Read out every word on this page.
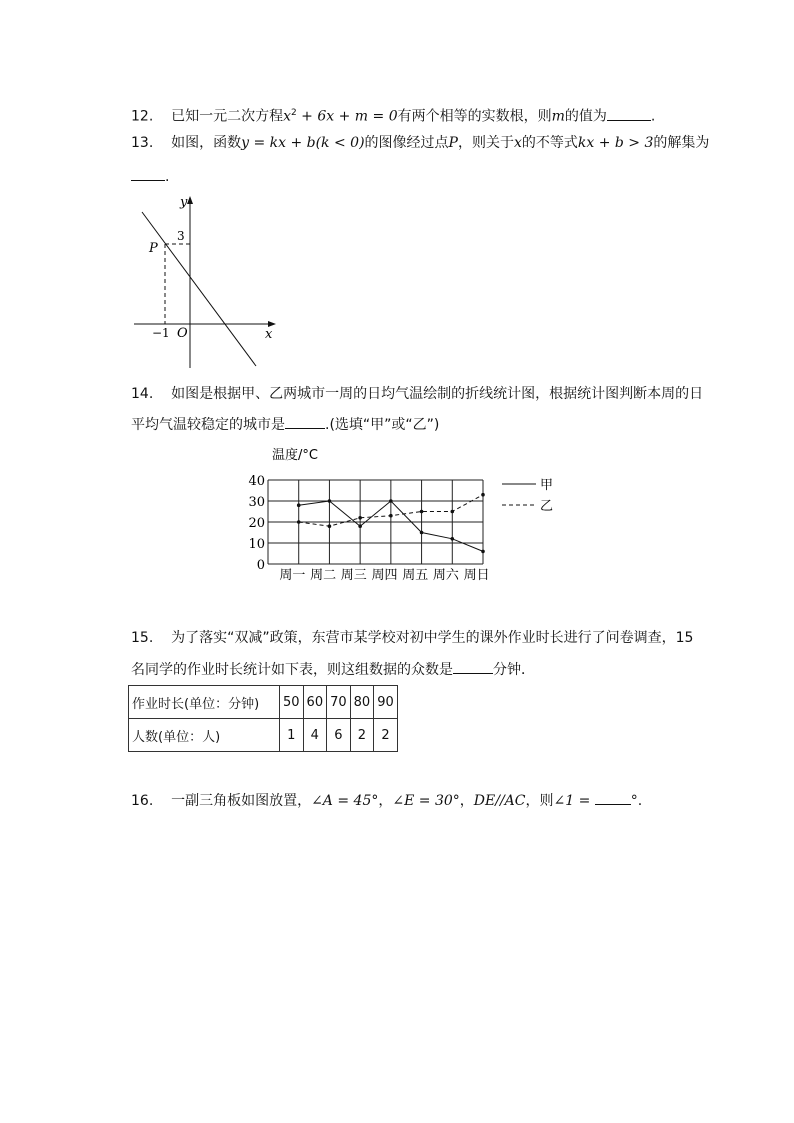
12. 已知一元二次方程$x^2 + 6x + m = 0$有两个相等的实数根，则m的值为	.
13. 如图，函数y = kx + b(k < 0)的图像经过点P，则关于x的不等式kx + b > 3的解集为
.
y
x
O
P
3
−1
14. 如图是根据甲、乙两城市一周的日均气温绘制的折线统计图，根据统计图判断本周的日
平均气温较稳定的城市是	.(选填“甲”或“乙”)
温度/°C
0
10
20
30
40
周一 周二 周三 周四 周五 周六 周日
甲
乙
15. 为了落实“双减”政策，东营市某学校对初中学生的课外作业时长进行了问卷调查，15
名同学的作业时长统计如下表，则这组数据的众数是	分钟．
作业时长(单位：分钟)	50	60	70	80	90
人数(单位：人)	1	4	6	2	2
16. 一副三角板如图放置，∠A = 45°，∠E = 30°，DE//AC，则∠1 =	°.
